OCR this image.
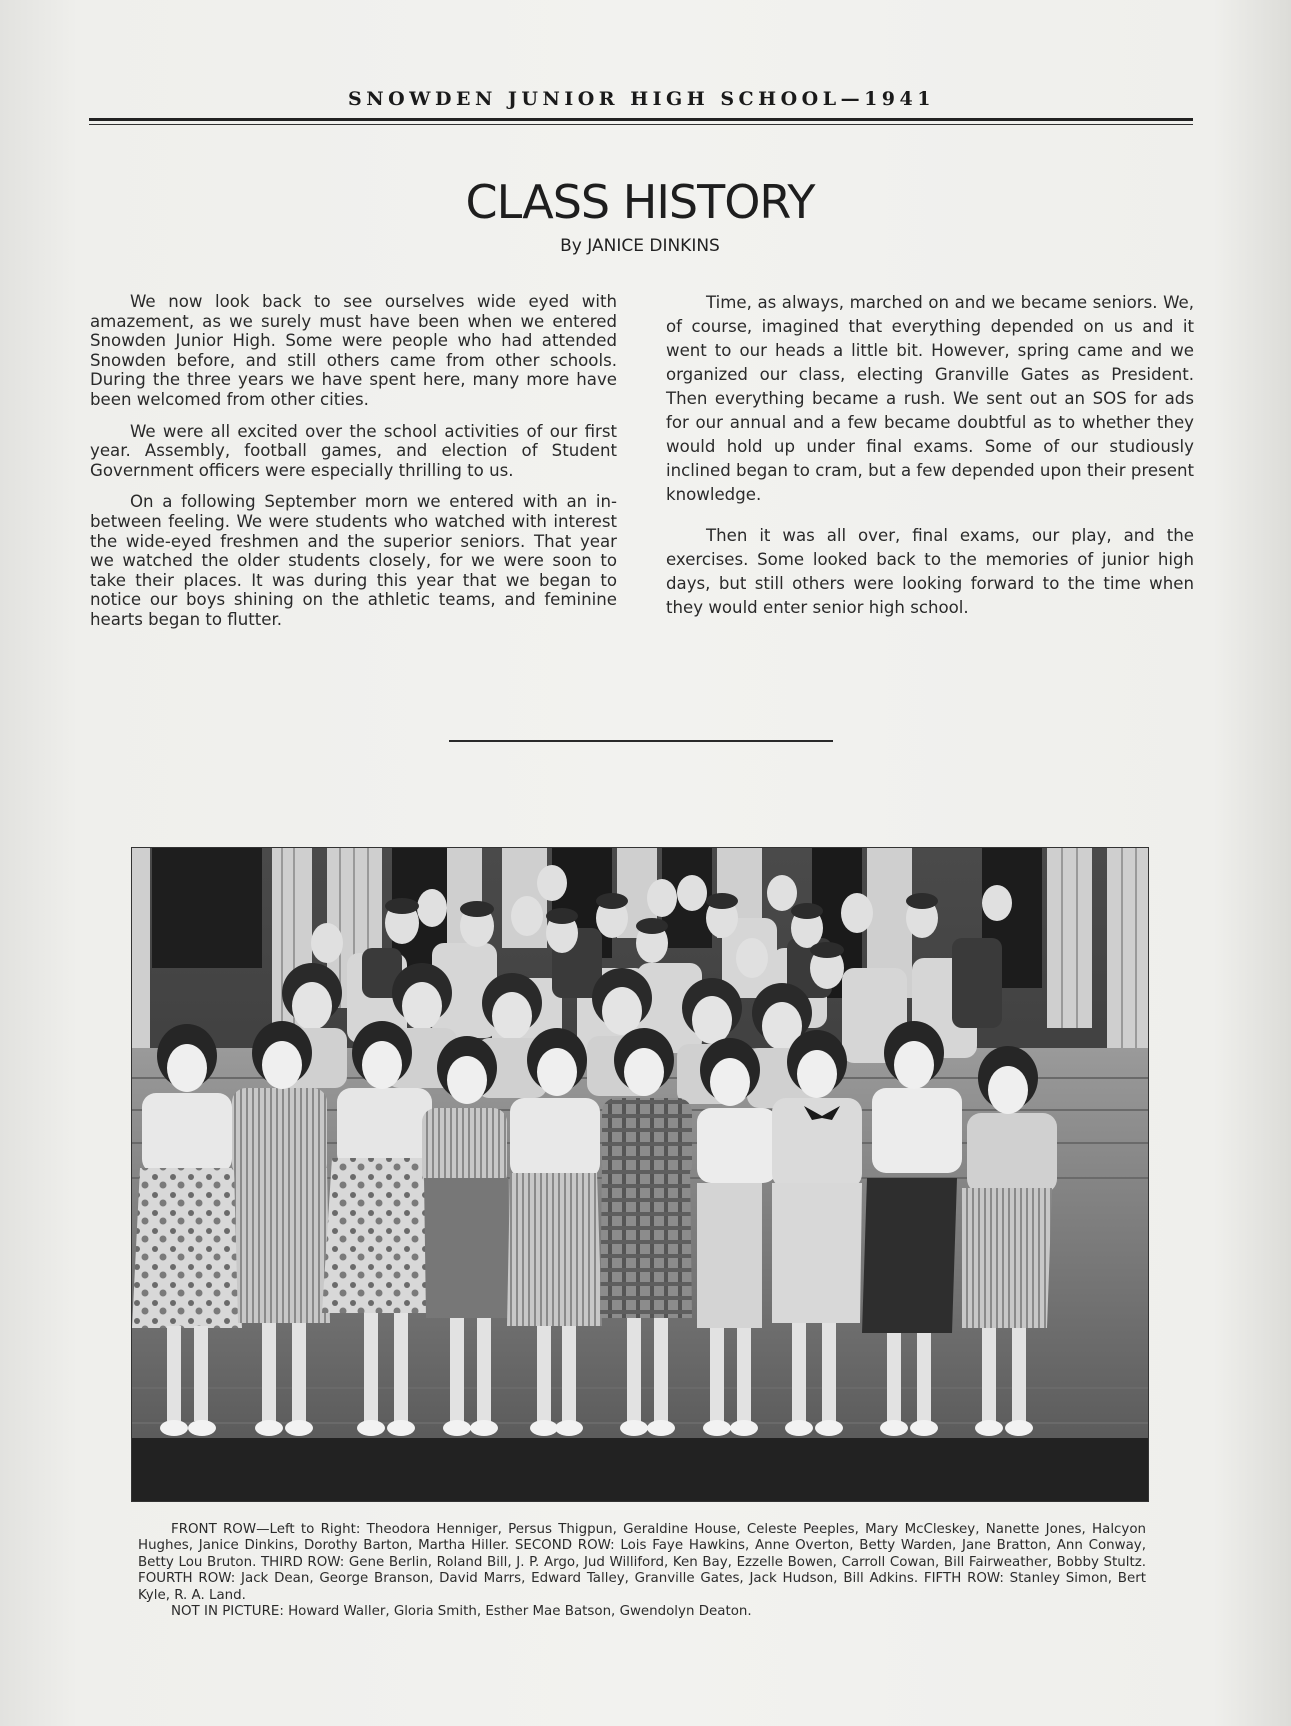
SNOWDEN JUNIOR HIGH SCHOOL—1941
CLASS HISTORY
By JANICE DINKINS

We now look back to see ourselves wide eyed with amazement, as we surely must have been when we entered Snowden Junior High. Some were people who had attended Snowden before, and still others came from other schools. During the three years we have spent here, many more have been welcomed from other cities.

We were all excited over the school activities of our first year. Assembly, football games, and election of Student Government officers were especially thrilling to us.

On a following September morn we entered with an in-between feeling. We were students who watched with interest the wide-eyed freshmen and the superior seniors. That year we watched the older students closely, for we were soon to take their places. It was during this year that we began to notice our boys shining on the athletic teams, and feminine hearts began to flutter.

Time, as always, marched on and we became seniors. We, of course, imagined that everything depended on us and it went to our heads a little bit. However, spring came and we organized our class, electing Granville Gates as President. Then everything became a rush. We sent out an SOS for ads for our annual and a few became doubtful as to whether they would hold up under final exams. Some of our studiously inclined began to cram, but a few depended upon their present knowledge.

Then it was all over, final exams, our play, and the exercises. Some looked back to the memories of junior high days, but still others were looking forward to the time when they would enter senior high school.

FRONT ROW—Left to Right: Theodora Henniger, Persus Thigpun, Geraldine House, Celeste Peeples, Mary McCleskey, Nanette Jones, Halcyon Hughes, Janice Dinkins, Dorothy Barton, Martha Hiller. SECOND ROW: Lois Faye Hawkins, Anne Overton, Betty Warden, Jane Bratton, Ann Conway, Betty Lou Bruton. THIRD ROW: Gene Berlin, Roland Bill, J. P. Argo, Jud Williford, Ken Bay, Ezzelle Bowen, Carroll Cowan, Bill Fairweather, Bobby Stultz. FOURTH ROW: Jack Dean, George Branson, David Marrs, Edward Talley, Granville Gates, Jack Hudson, Bill Adkins. FIFTH ROW: Stanley Simon, Bert Kyle, R. A. Land.

NOT IN PICTURE: Howard Waller, Gloria Smith, Esther Mae Batson, Gwendolyn Deaton.
